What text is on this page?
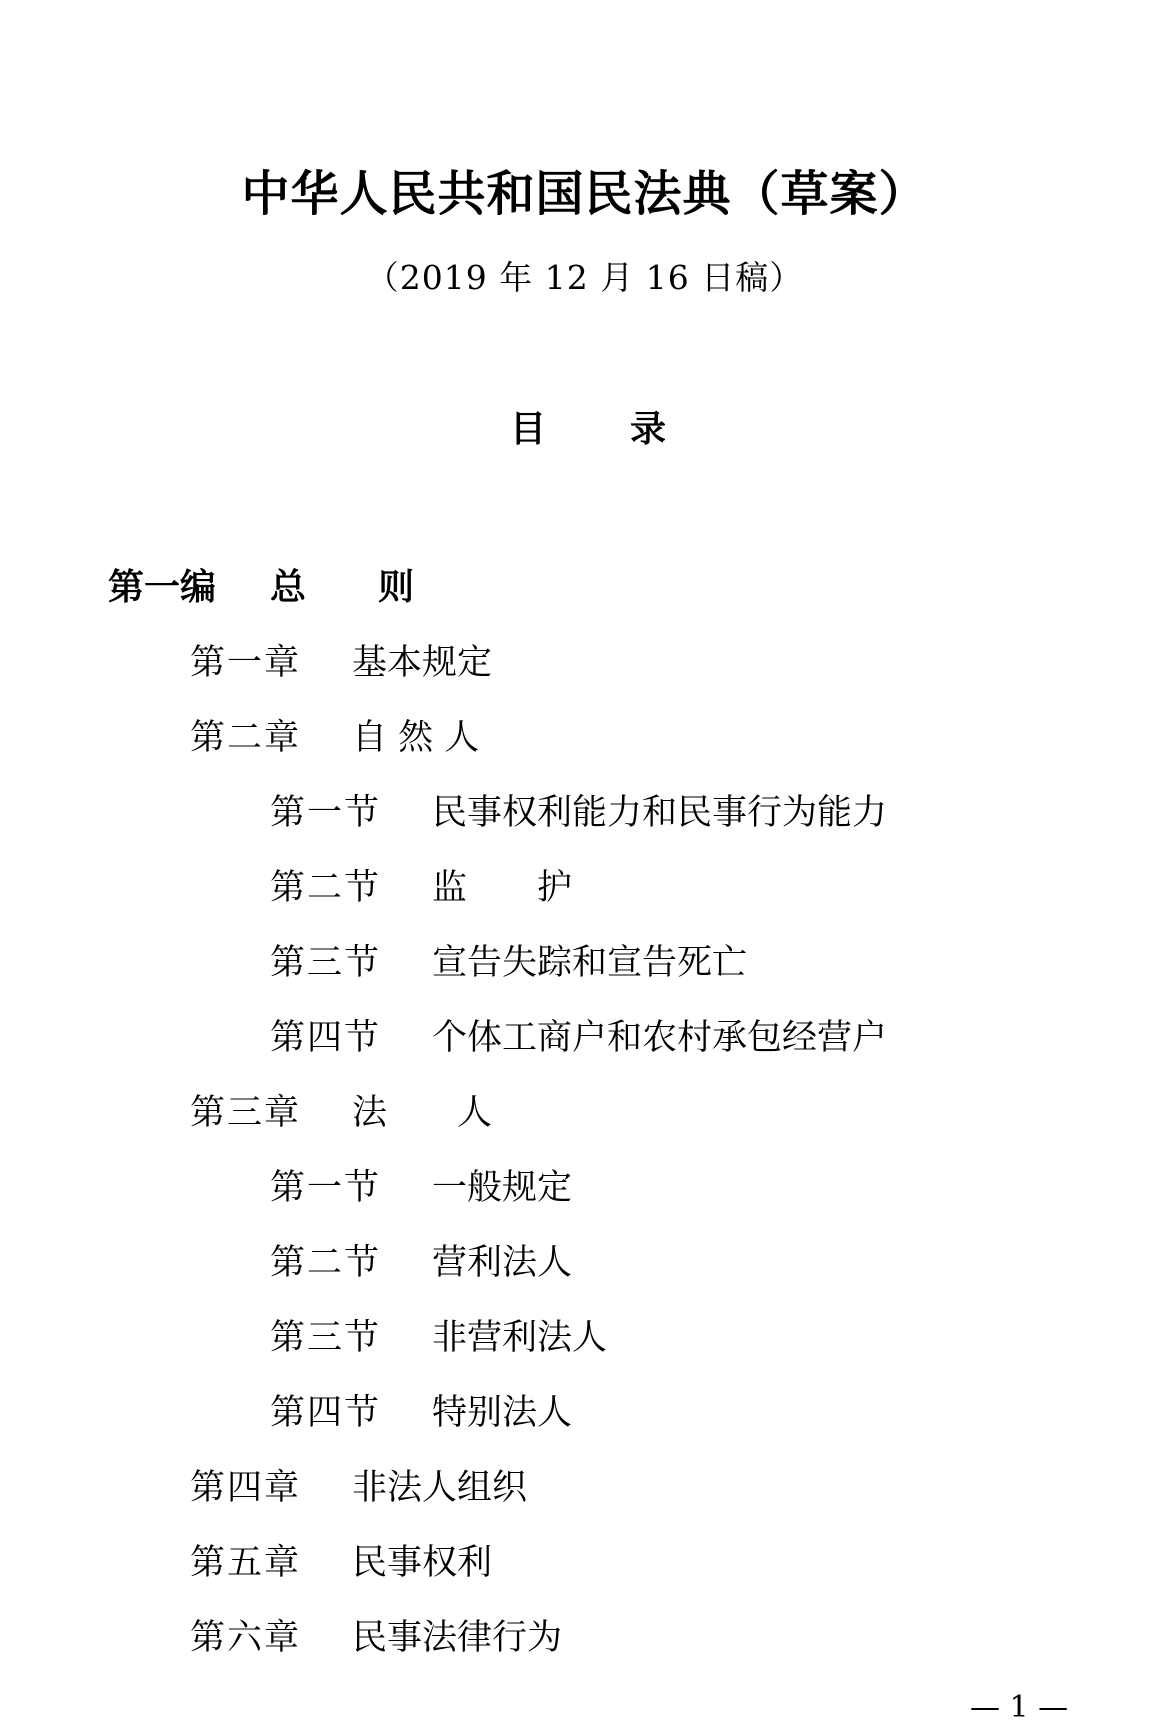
中华人民共和国民法典（草案）
（2019 年 12 月 16 日稿）
目 录
第一编 总　　则
第一章 基本规定
第二章 自 然 人
第一节 民事权利能力和民事行为能力
第二节 监　　护
第三节 宣告失踪和宣告死亡
第四节 个体工商户和农村承包经营户
第三章 法　　人
第一节 一般规定
第二节 营利法人
第三节 非营利法人
第四节 特别法人
第四章 非法人组织
第五章 民事权利
第六章 民事法律行为
— 1 —
